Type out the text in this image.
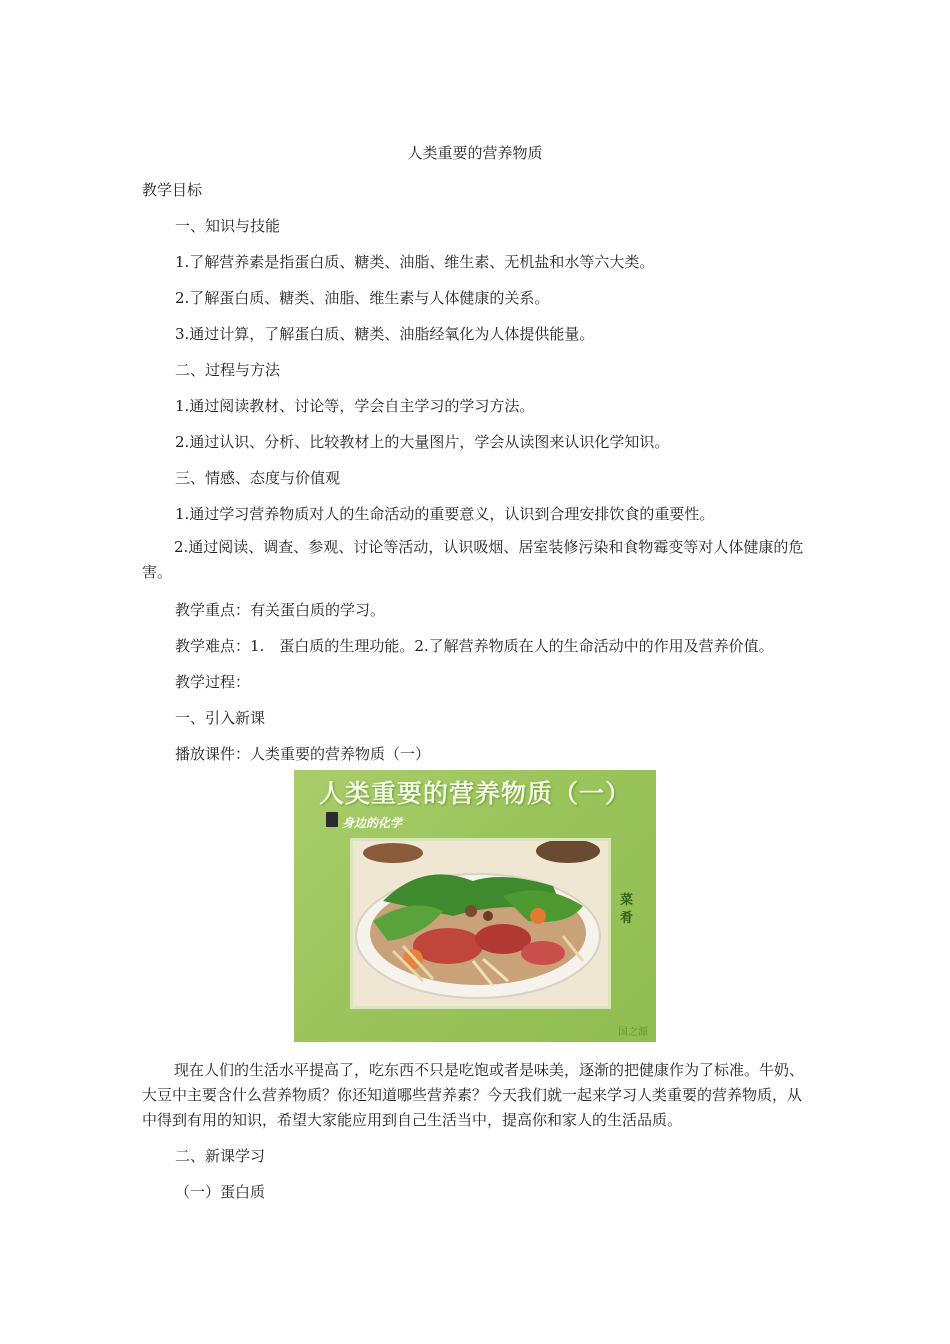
人类重要的营养物质
教学目标
一、知识与技能
1.了解营养素是指蛋白质、糖类、油脂、维生素、无机盐和水等六大类。
2.了解蛋白质、糖类、油脂、维生素与人体健康的关系。
3.通过计算，了解蛋白质、糖类、油脂经氧化为人体提供能量。
二、过程与方法
1.通过阅读教材、讨论等，学会自主学习的学习方法。
2.通过认识、分析、比较教材上的大量图片，学会从读图来认识化学知识。
三、情感、态度与价值观
1.通过学习营养物质对人的生命活动的重要意义，认识到合理安排饮食的重要性。
2.通过阅读、调查、参观、讨论等活动，认识吸烟、居室装修污染和食物霉变等对人体健康的危害。
教学重点：有关蛋白质的学习。
教学难点：1.　蛋白质的生理功能。2.了解营养物质在人的生命活动中的作用及营养价值。
教学过程：
一、引入新课
播放课件：人类重要的营养物质（一）
人类重要的营养物质（一）
身边的化学
菜肴
国之源
现在人们的生活水平提高了，吃东西不只是吃饱或者是味美，逐渐的把健康作为了标准。牛奶、大豆中主要含什么营养物质？你还知道哪些营养素？今天我们就一起来学习人类重要的营养物质，从中得到有用的知识，希望大家能应用到自己生活当中，提高你和家人的生活品质。
二、新课学习
（一）蛋白质
